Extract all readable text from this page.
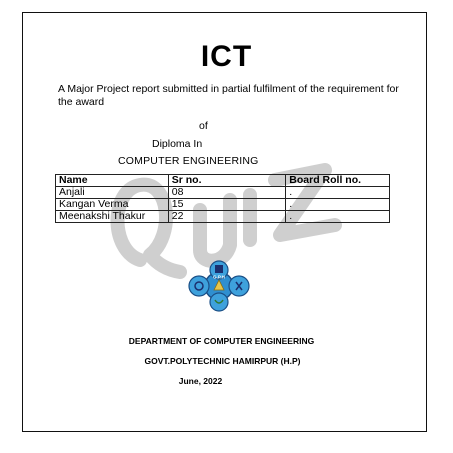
ICT
A Major Project report submitted in partial fulfilment of the requirement for the award
of
Diploma In
COMPUTER ENGINEERING
Name	Sr no.	Board Roll no.
Anjali	08	.
Kangan Verma	15	.
Meenakshi Thakur	22	.
G.P.H
DEPARTMENT OF COMPUTER ENGINEERING
GOVT.POLYTECHNIC HAMIRPUR (H.P)
June, 2022
